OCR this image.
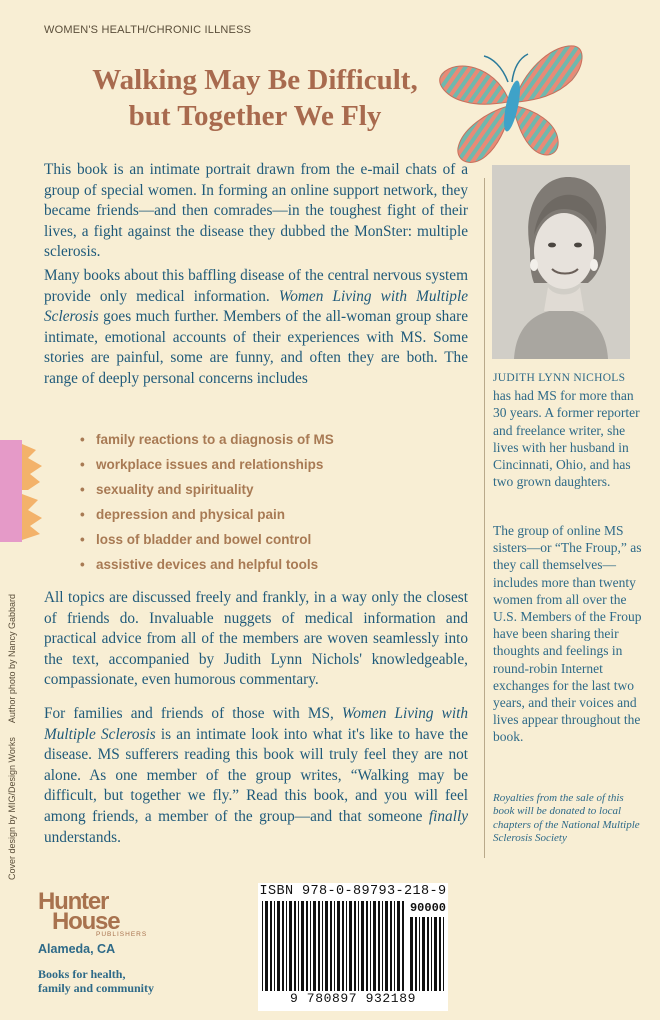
WOMEN'S HEALTH/CHRONIC ILLNESS
Walking May Be Difficult,
but Together We Fly
This book is an intimate portrait drawn from the e-mail chats of a group of special women. In forming an online support network, they became friends—and then comrades—in the toughest fight of their lives, a fight against the disease they dubbed the MonSter: multiple sclerosis.
Many books about this baffling disease of the central nervous system provide only medical information. Women Living with Multiple Sclerosis goes much further. Members of the all-woman group share intimate, emotional accounts of their experiences with MS. Some stories are painful, some are funny, and often they are both. The range of deeply personal concerns includes
• family reactions to a diagnosis of MS
• workplace issues and relationships
• sexuality and spirituality
• depression and physical pain
• loss of bladder and bowel control
• assistive devices and helpful tools
All topics are discussed freely and frankly, in a way only the closest of friends do. Invaluable nuggets of medical information and practical advice from all of the members are woven seamlessly into the text, accompanied by Judith Lynn Nichols' knowledgeable, compassionate, even humorous commentary.
For families and friends of those with MS, Women Living with Multiple Sclerosis is an intimate look into what it's like to have the disease. MS sufferers reading this book will truly feel they are not alone. As one member of the group writes, “Walking may be difficult, but together we fly.” Read this book, and you will feel among friends, a member of the group—and that someone finally understands.
JUDITH LYNN NICHOLS has had MS for more than 30 years. A former reporter and freelance writer, she lives with her husband in Cincinnati, Ohio, and has two grown daughters.
The group of online MS sisters—or “The Froup,” as they call themselves—includes more than twenty women from all over the U.S. Members of the Froup have been sharing their thoughts and feelings in round-robin Internet exchanges for the last two years, and their voices and lives appear throughout the book.
Royalties from the sale of this book will be donated to local chapters of the National Multiple Sclerosis Society
Cover design by MIG/Design Works Author photo by Nancy Gabbard
Hunter
House
PUBLISHERS
Alameda, CA
Books for health,
family and community
ISBN 978-0-89793-218-9
90000
9 780897 932189
